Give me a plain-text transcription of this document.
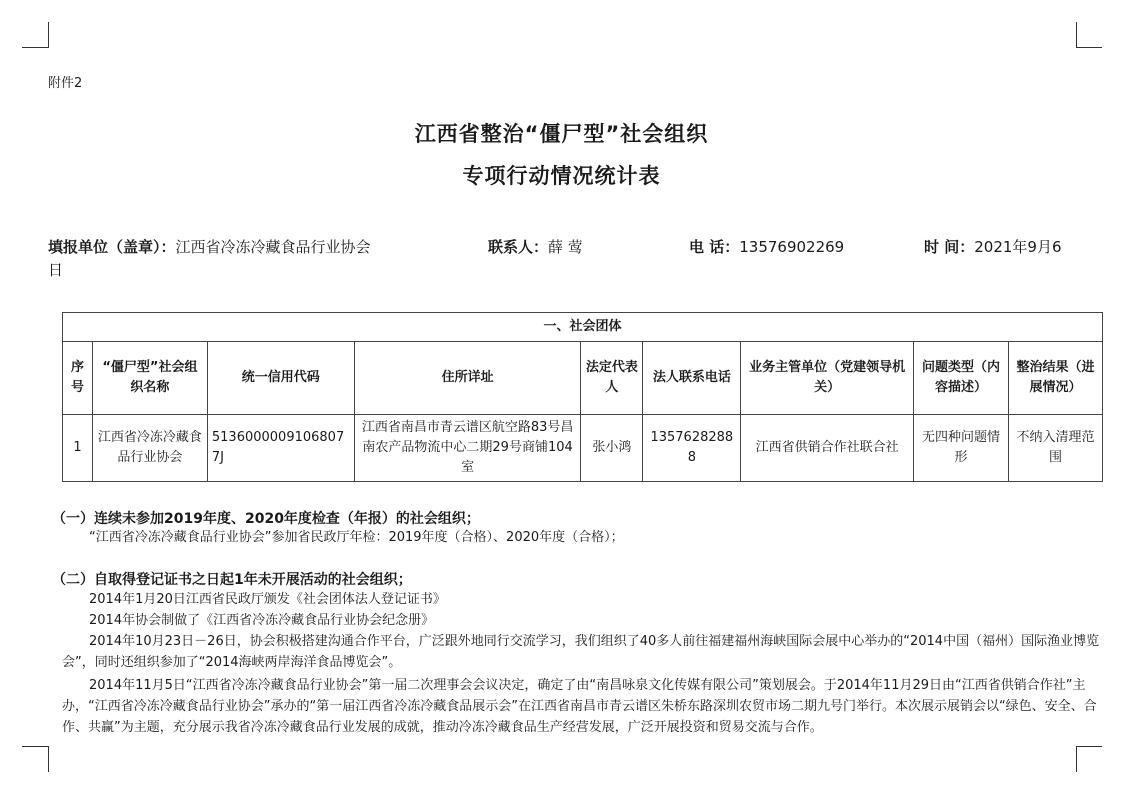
附件2
江西省整治“僵尸型”社会组织
专项行动情况统计表
填报单位（盖章）：江西省冷冻冷藏食品行业协会	联系人：薛 莺	电 话：13576902269	时 间：2021年9月6
日
一、社会团体								
序号	“僵尸型”社会组织名称	统一信用代码	住所详址	法定代表人	法人联系电话	业务主管单位（党建领导机关）	问题类型（内容描述）	整治结果（进展情况）
1	江西省冷冻冷藏食品行业协会	51360000091068077J	江西省南昌市青云谱区航空路83号昌南农产品物流中心二期29号商铺104室	张小鸿	13576282888	江西省供销合作社联合社	无四种问题情形	不纳入清理范围
（一）连续未参加2019年度、2020年度检查（年报）的社会组织；
“江西省冷冻冷藏食品行业协会”参加省民政厅年检：2019年度（合格）、2020年度（合格）；
（二）自取得登记证书之日起1年未开展活动的社会组织；
2014年1月20日江西省民政厅颁发《社会团体法人登记证书》
2014年协会制做了《江西省冷冻冷藏食品行业协会纪念册》
2014年10月23日－26日，协会积极搭建沟通合作平台，广泛跟外地同行交流学习，我们组织了40多人前往福建福州海峡国际会展中心举办的“2014中国（福州）国际渔业博览会”，同时还组织参加了“2014海峡两岸海洋食品博览会”。
2014年11月5日“江西省冷冻冷藏食品行业协会”第一届二次理事会会议决定，确定了由“南昌咏泉文化传媒有限公司”策划展会。于2014年11月29日由“江西省供销合作社”主办，“江西省冷冻冷藏食品行业协会”承办的“第一届江西省冷冻冷藏食品展示会”在江西省南昌市青云谱区朱桥东路深圳农贸市场二期九号门举行。本次展示展销会以“绿色、安全、合作、共赢”为主题，充分展示我省冷冻冷藏食品行业发展的成就，推动冷冻冷藏食品生产经营发展，广泛开展投资和贸易交流与合作。
